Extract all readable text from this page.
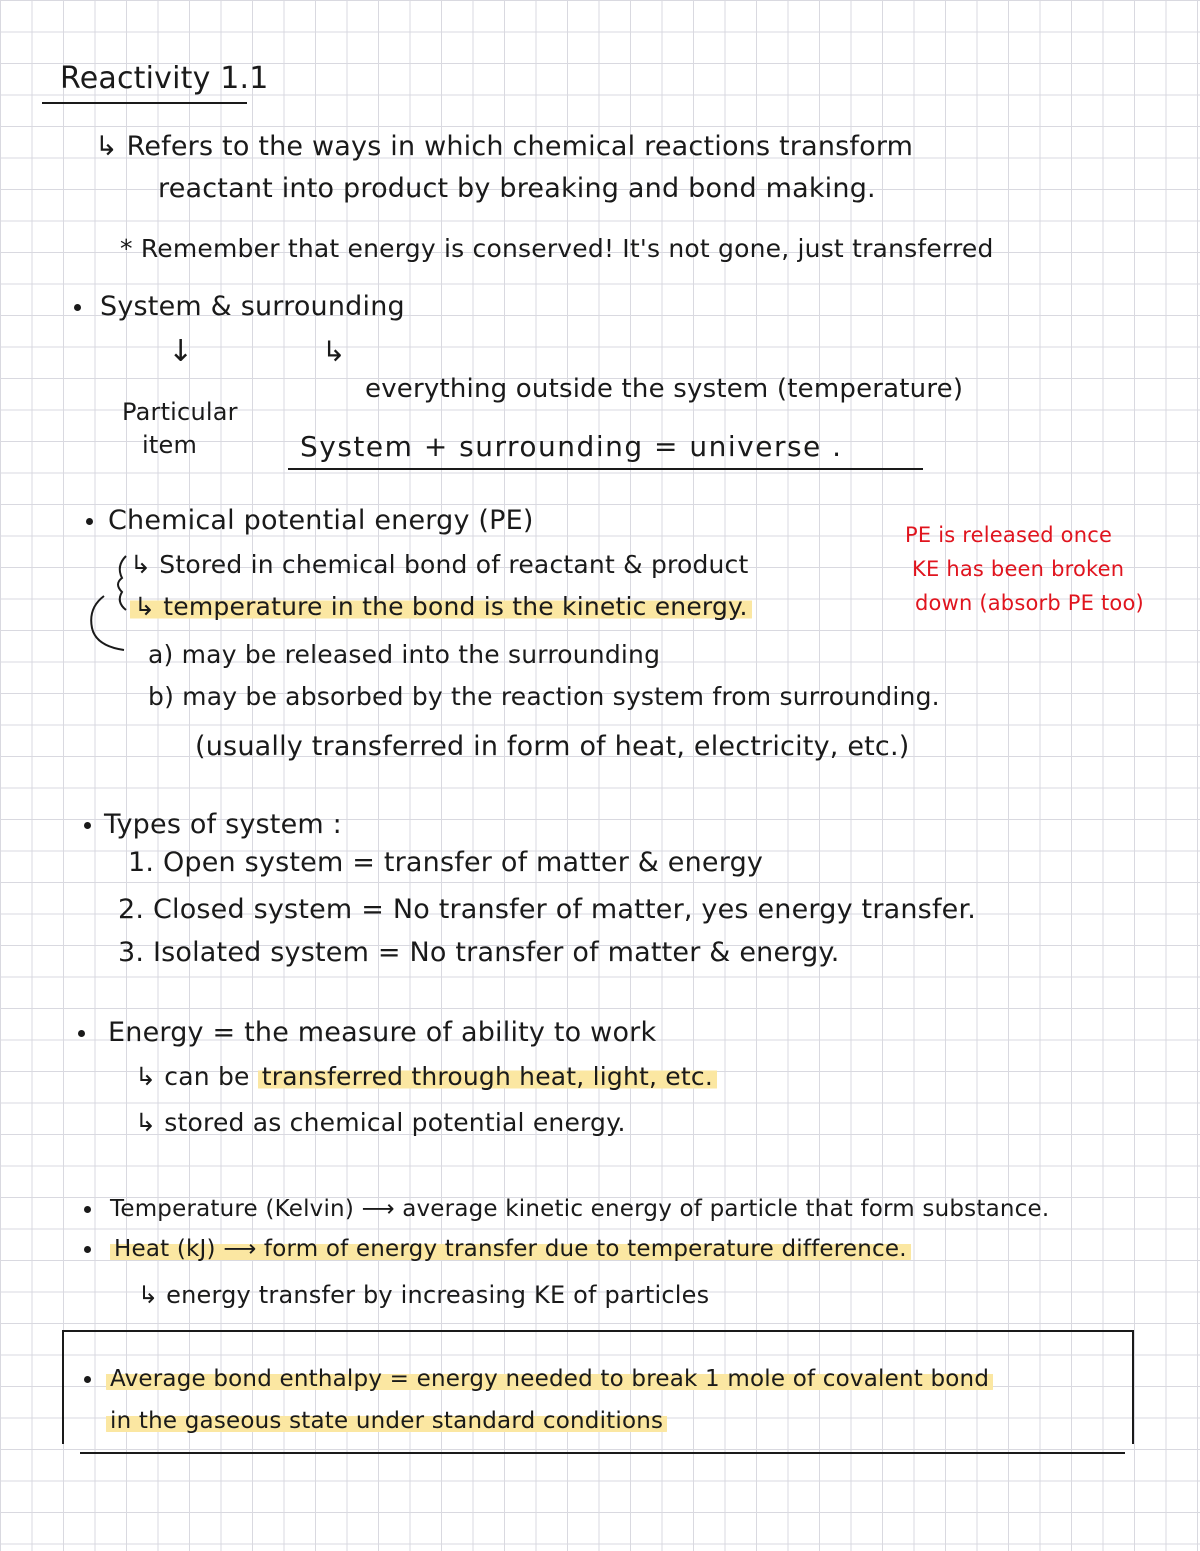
Reactivity 1.1
↳ Refers to the ways in which chemical reactions transform
reactant into product by breaking and bond making.
* Remember that energy is conserved! It's not gone, just transferred
System & surrounding
↓	↳
Particular
item
everything outside the system (temperature)
System + surrounding = universe .
Chemical potential energy (PE)
↳ Stored in chemical bond of reactant & product
↳ temperature in the bond is the kinetic energy.
a) may be released into the surrounding
b) may be absorbed by the reaction system from surrounding.
(usually transferred in form of heat, electricity, etc.)
PE is released once
KE has been broken
down (absorb PE too)
Types of system :
1. Open system = transfer of matter & energy
2. Closed system = No transfer of matter, yes energy transfer.
3. Isolated system = No transfer of matter & energy.
Energy = the measure of ability to work
↳ can be transferred through heat, light, etc.
↳ stored as chemical potential energy.
Temperature (Kelvin) ⟶ average kinetic energy of particle that form substance.
Heat (kJ) ⟶ form of energy transfer due to temperature difference.
↳ energy transfer by increasing KE of particles
Average bond enthalpy = energy needed to break 1 mole of covalent bond
in the gaseous state under standard conditions
